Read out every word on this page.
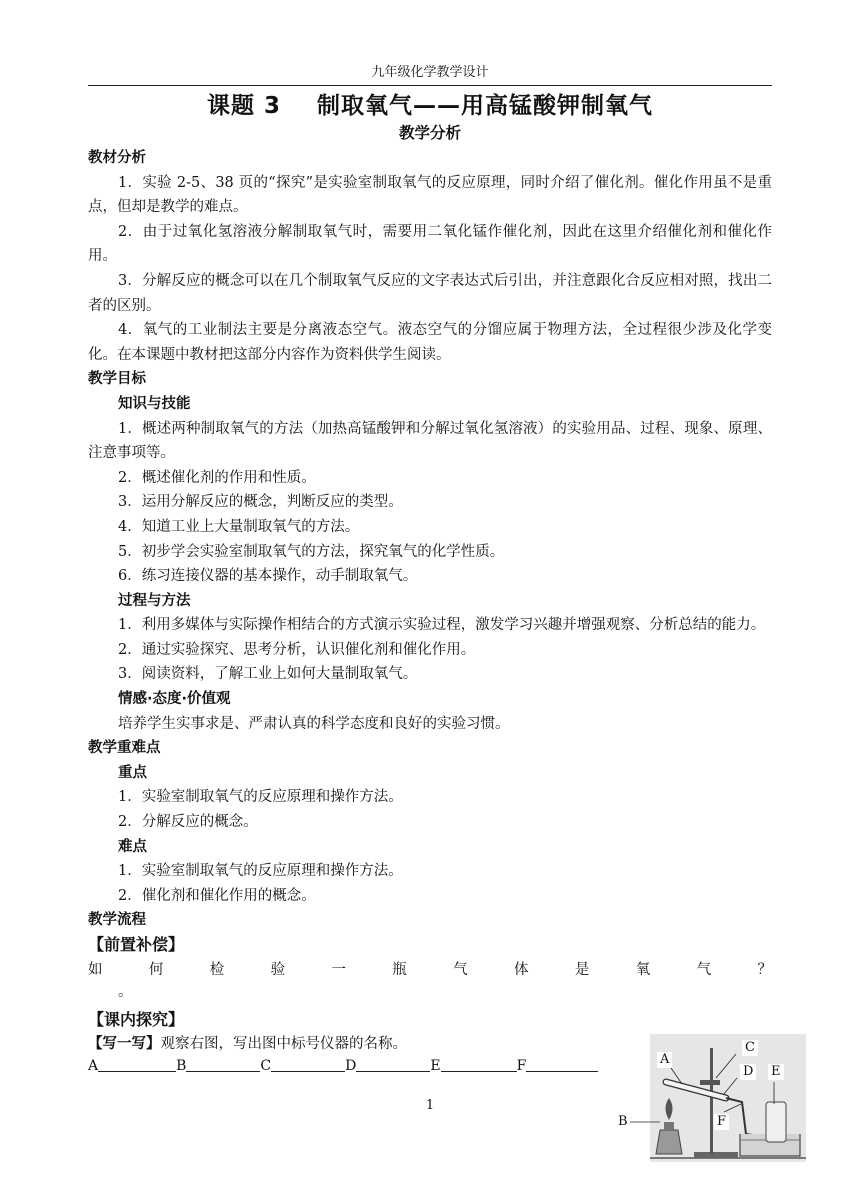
九年级化学教学设计
课题 3 制取氧气——用高锰酸钾制氧气
教学分析

教材分析

1．实验 2-5、38 页的“探究”是实验室制取氧气的反应原理，同时介绍了催化剂。催化作用虽不是重点，但却是教学的难点。

2．由于过氧化氢溶液分解制取氧气时，需要用二氧化锰作催化剂，因此在这里介绍催化剂和催化作用。

3．分解反应的概念可以在几个制取氧气反应的文字表达式后引出，并注意跟化合反应相对照，找出二者的区别。

4．氧气的工业制法主要是分离液态空气。液态空气的分馏应属于物理方法，全过程很少涉及化学变化。在本课题中教材把这部分内容作为资料供学生阅读。

教学目标

知识与技能

1．概述两种制取氧气的方法（加热高锰酸钾和分解过氧化氢溶液）的实验用品、过程、现象、原理、注意事项等。

2．概述催化剂的作用和性质。

3．运用分解反应的概念，判断反应的类型。

4．知道工业上大量制取氧气的方法。

5．初步学会实验室制取氧气的方法，探究氧气的化学性质。

6．练习连接仪器的基本操作，动手制取氧气。

过程与方法

1．利用多媒体与实际操作相结合的方式演示实验过程，激发学习兴趣并增强观察、分析总结的能力。

2．通过实验探究、思考分析，认识催化剂和催化作用。

3．阅读资料，了解工业上如何大量制取氧气。

情感·态度·价值观

培养学生实事求是、严肃认真的科学态度和良好的实验习惯。

教学重难点

重点

1．实验室制取氧气的反应原理和操作方法。

2．分解反应的概念。

难点

1．实验室制取氧气的反应原理和操作方法。

2．催化剂和催化作用的概念。

教学流程

【前置补偿】

如	何	检	验	一	瓶	气	体	是	氧	气	？

。

【课内探究】

【写一写】观察右图，写出图中标号仪器的名称。

A	B	C	D	E	F

1
A
B
C
D E
F
